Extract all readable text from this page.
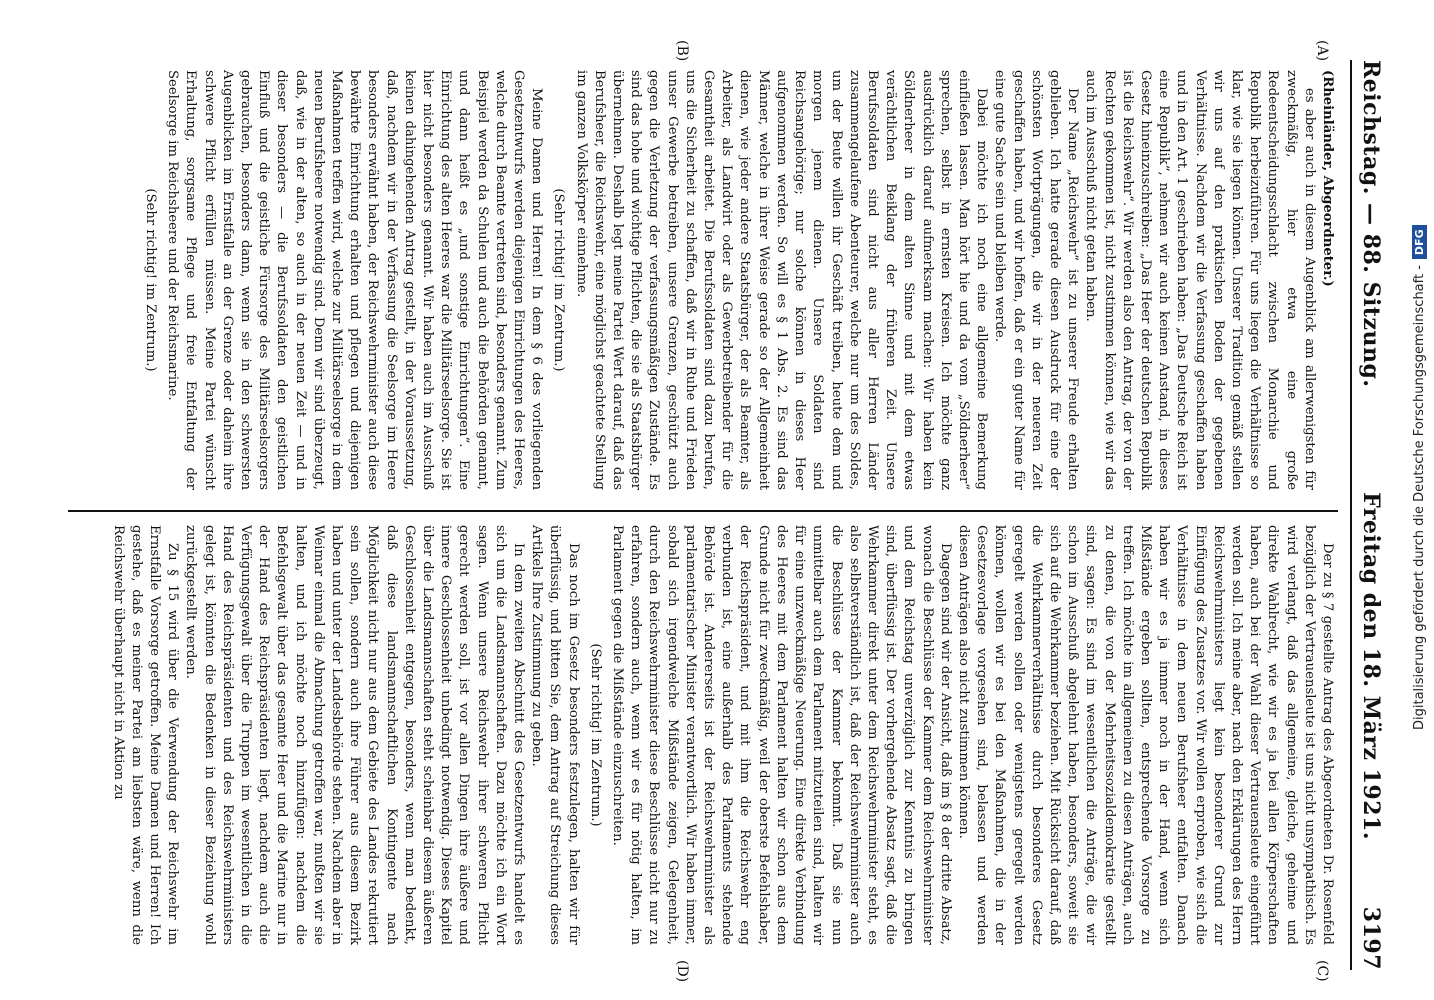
Reichstag. — 88. Sitzung.
Freitag den 18. März 1921.
3197
(A)
(B)
(C)
(D)

(Rheinländer, Abgeordneter.)

es aber auch in diesem Augenblick am allerwenigsten für zweckmäßig, hier etwa eine große Redeentscheidungsschlacht zwischen Monarchie und Republik herbeizuführen. Für uns liegen die Verhältnisse so klar, wie sie liegen können. Unserer Tradition gemäß stellen wir uns auf den praktischen Boden der gegebenen Verhältnisse. Nachdem wir die Verfassung geschaffen haben und in den Art. 1 geschrieben haben: „Das Deutsche Reich ist eine Republik“, nehmen wir auch keinen Anstand, in dieses Gesetz hineinzuschreiben: „Das Heer der deutschen Republik ist die Reichswehr“. Wir werden also den Antrag, der von der Rechten gekommen ist, nicht zustimmen können, wie wir das auch im Ausschuß nicht getan haben.

Der Name „Reichswehr“ ist zu unserer Freude erhalten geblieben. Ich hatte gerade diesen Ausdruck für eine der schönsten Wortprägungen, die wir in der neueren Zeit geschaffen haben, und wir hoffen, daß er ein guter Name für eine gute Sache sein und bleiben werde.

Dabei möchte ich noch eine allgemeine Bemerkung einfließen lassen. Man hört hie und da vom „Söldnerheer“ sprechen, selbst in ernsten Kreisen. Ich möchte ganz ausdrücklich darauf aufmerksam machen: Wir haben kein Söldnerheer in dem alten Sinne und mit dem etwas verächtlichen Beiklang der früheren Zeit. Unsere Berufssoldaten sind nicht aus aller Herren Länder zusammengelaufene Abenteurer, welche nur um des Soldes, um der Beute willen ihr Geschäft treiben, heute dem und morgen jenem dienen. Unsere Soldaten sind Reichsangehörige; nur solche können in dieses Heer aufgenommen werden. So will es § 1 Abs. 2. Es sind das Männer, welche in ihrer Weise gerade so der Allgemeinheit dienen, wie jeder andere Staatsbürger, der als Beamter, als Arbeiter, als Landwirt oder als Gewerbetreibender für die Gesamtheit arbeitet. Die Berufssoldaten sind dazu berufen, uns die Sicherheit zu schaffen, daß wir in Ruhe und Frieden unser Gewerbe betreiben, unsere Grenzen, geschützt auch gegen die Verletzung der verfassungsmäßigen Zustände. Es sind das hohe und wichtige Pflichten, die sie als Staatsbürger übernehmen. Deshalb legt meine Partei Wert darauf, daß das Berufsheer, die Reichswehr, eine möglichst geachtete Stellung im ganzen Volkskörper einnehme.

(Sehr richtig! im Zentrum.)

Meine Damen und Herren! In dem § 6 des vorliegenden Gesetzentwurfs werden diejenigen Einrichtungen des Heeres, welche durch Beamte vertreten sind, besonders genannt. Zum Beispiel werden da Schulen und auch die Behörden genannt, und dann heißt es „und sonstige Einrichtungen“. Eine Einrichtung des alten Heeres war die Militärseelsorge. Sie ist hier nicht besonders genannt. Wir haben auch im Ausschuß keinen dahingehenden Antrag gestellt, in der Voraussetzung, daß, nachdem wir in der Verfassung die Seelsorge im Heere besonders erwähnt haben, der Reichswehrminister auch diese bewährte Einrichtung erhalten und pflegen und diejenigen Maßnahmen treffen wird, welche zur Militärseelsorge in dem neuen Berufsheere notwendig sind. Denn wir sind überzeugt, daß, wie in der alten, so auch in der neuen Zeit — und in dieser besonders — die Berufssoldaten den geistlichen Einfluß und die geistliche Fürsorge des Militärseelsorgers gebrauchen, besonders dann, wenn sie in den schwersten Augenblicken im Ernstfalle an der Grenze oder daheim ihre schwere Pflicht erfüllen müssen. Meine Partei wünscht Erhaltung, sorgsame Pflege und freie Entfaltung der Seelsorge im Reichsheere und der Reichsmarine.

(Sehr richtig! im Zentrum.)

Der zu § 7 gestellte Antrag des Abgeordneten Dr. Rosenfeld bezüglich der Vertrauensleute ist uns nicht unsympathisch. Es wird verlangt, daß das allgemeine, gleiche, geheime und direkte Wahlrecht, wie wir es ja bei allen Körperschaften haben, auch bei der Wahl dieser Vertrauensleute eingeführt werden soll. Ich meine aber, nach den Erklärungen des Herrn Reichswehrministers liegt kein besonderer Grund zur Einfügung des Zusatzes vor. Wir wollen erproben, wie sich die Verhältnisse in dem neuen Berufsheer entfalten. Danach haben wir es ja immer noch in der Hand, wenn sich Mißstände ergeben sollten, entsprechende Vorsorge zu treffen. Ich möchte im allgemeinen zu diesen Anträgen, auch zu denen, die von der Mehrheitssozialdemokratie gestellt sind, sagen: Es sind im wesentlichen die Anträge, die wir schon im Ausschuß abgelehnt haben, besonders, soweit sie sich auf die Wehrkammer beziehen. Mit Rücksicht darauf, daß die Wehrkammerverhältnisse durch besonderes Gesetz geregelt werden sollen oder wenigstens geregelt werden können, wollen wir es bei den Maßnahmen, die in der Gesetzesvorlage vorgesehen sind, belassen und werden diesen Anträgen also nicht zustimmen können.

Dagegen sind wir der Ansicht, daß im § 8 der dritte Absatz, wonach die Beschlüsse der Kammer dem Reichswehrminister und dem Reichstag unverzüglich zur Kenntnis zu bringen sind, überflüssig ist. Der vorhergehende Absatz sagt, daß die Wehrkammer direkt unter dem Reichswehrminister steht, es also selbstverständlich ist, daß der Reichswehrminister auch die Beschlüsse der Kammer bekommt. Daß sie nun unmittelbar auch dem Parlament mitzuteilen sind, halten wir für eine unzweckmäßige Neuerung. Eine direkte Verbindung des Heeres mit dem Parlament halten wir schon aus dem Grunde nicht für zweckmäßig, weil der oberste Befehlshaber, der Reichspräsident, und mit ihm die Reichswehr eng verbunden ist, eine außerhalb des Parlaments stehende Behörde ist. Andererseits ist der Reichswehrminister als parlamentarischer Minister verantwortlich. Wir haben immer, sobald sich irgendwelche Mißstände zeigen, Gelegenheit, durch den Reichswehrminister diese Beschlüsse nicht nur zu erfahren, sondern auch, wenn wir es für nötig halten, im Parlament gegen die Mißstände einzuschreiten.

(Sehr richtig! im Zentrum.)

Das noch im Gesetz besonders festzulegen, halten wir für überflüssig, und bitten Sie, dem Antrag auf Streichung dieses Artikels Ihre Zustimmung zu geben.

In dem zweiten Abschnitt des Gesetzentwurfs handelt es sich um die Landsmannschaften. Dazu möchte ich ein Wort sagen. Wenn unsere Reichswehr ihrer schweren Pflicht gerecht werden soll, ist vor allen Dingen ihre äußere und innere Geschlossenheit unbedingt notwendig. Dieses Kapitel über die Landsmannschaften steht scheinbar diesem äußeren Geschlossenheit entgegen, besonders, wenn man bedenkt, daß diese landsmannschaftlichen Kontingente nach Möglichkeit nicht nur aus dem Gebiete des Landes rekrutiert sein sollen, sondern auch ihre Führer aus diesem Bezirk haben und unter der Landesbehörde stehen. Nachdem aber in Weimar einmal die Abmachung getroffen war, mußten wir sie halten, und ich möchte noch hinzufügen: nachdem die Befehlsgewalt über das gesamte Heer und die Marine nur in der Hand des Reichspräsidenten liegt, nachdem auch die Verfügungsgewalt über die Truppen im wesentlichen in die Hand des Reichspräsidenten und des Reichswehrministers gelegt ist, könnten die Bedenken in dieser Beziehung wohl zurückgestellt werden.

Zu § 15 wird über die Verwendung der Reichswehr im Ernstfalle Vorsorge getroffen. Meine Damen und Herren! Ich gestehe, daß es meiner Partei am liebsten wäre, wenn die Reichswehr überhaupt nicht in Aktion zu	Digitalisierung gefördert durch die Deutsche Forschungsgemeinschaft -
DFG
